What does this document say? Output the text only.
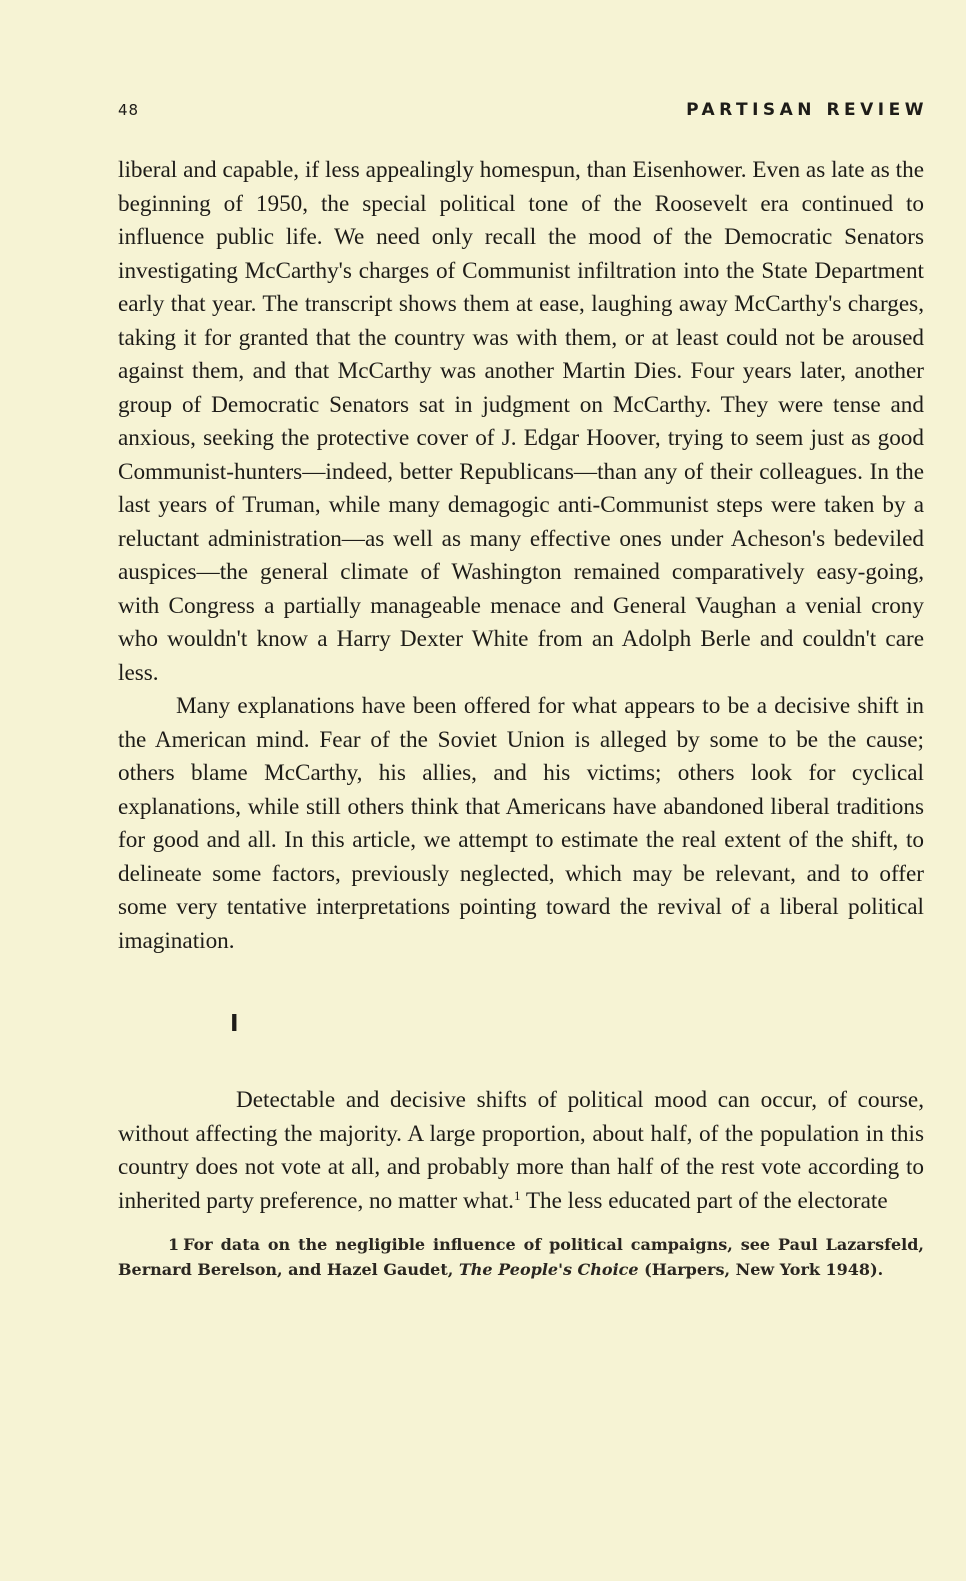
48	PARTISAN REVIEW

liberal and capable, if less appealingly homespun, than Eisenhower. Even as late as the beginning of 1950, the special political tone of the Roosevelt era continued to influence public life. We need only recall the mood of the Democratic Senators investigating McCarthy's charges of Communist infiltration into the State Department early that year. The transcript shows them at ease, laughing away McCarthy's charges, taking it for granted that the country was with them, or at least could not be aroused against them, and that McCarthy was another Martin Dies. Four years later, another group of Democratic Senators sat in judgment on McCarthy. They were tense and anxious, seeking the protective cover of J. Edgar Hoover, trying to seem just as good Communist-hunters—indeed, better Republicans—than any of their colleagues. In the last years of Truman, while many demagogic anti-Communist steps were taken by a reluctant administration—as well as many effective ones under Acheson's bedeviled auspices—the general climate of Washington remained comparatively easy-going, with Congress a partially manageable menace and General Vaughan a venial crony who wouldn't know a Harry Dexter White from an Adolph Berle and couldn't care less.

Many explanations have been offered for what appears to be a decisive shift in the American mind. Fear of the Soviet Union is alleged by some to be the cause; others blame McCarthy, his allies, and his victims; others look for cyclical explanations, while still others think that Americans have abandoned liberal traditions for good and all. In this article, we attempt to estimate the real extent of the shift, to delineate some factors, previously neglected, which may be relevant, and to offer some very tentative interpretations pointing toward the revival of a liberal political imagination.

I

Detectable and decisive shifts of political mood can occur, of course, without affecting the majority. A large proportion, about half, of the population in this country does not vote at all, and probably more than half of the rest vote according to inherited party preference, no matter what.$^1$ The less educated part of the electorate

1 For data on the negligible influence of political campaigns, see Paul Lazarsfeld, Bernard Berelson, and Hazel Gaudet, The People's Choice (Harpers, New York 1948).
